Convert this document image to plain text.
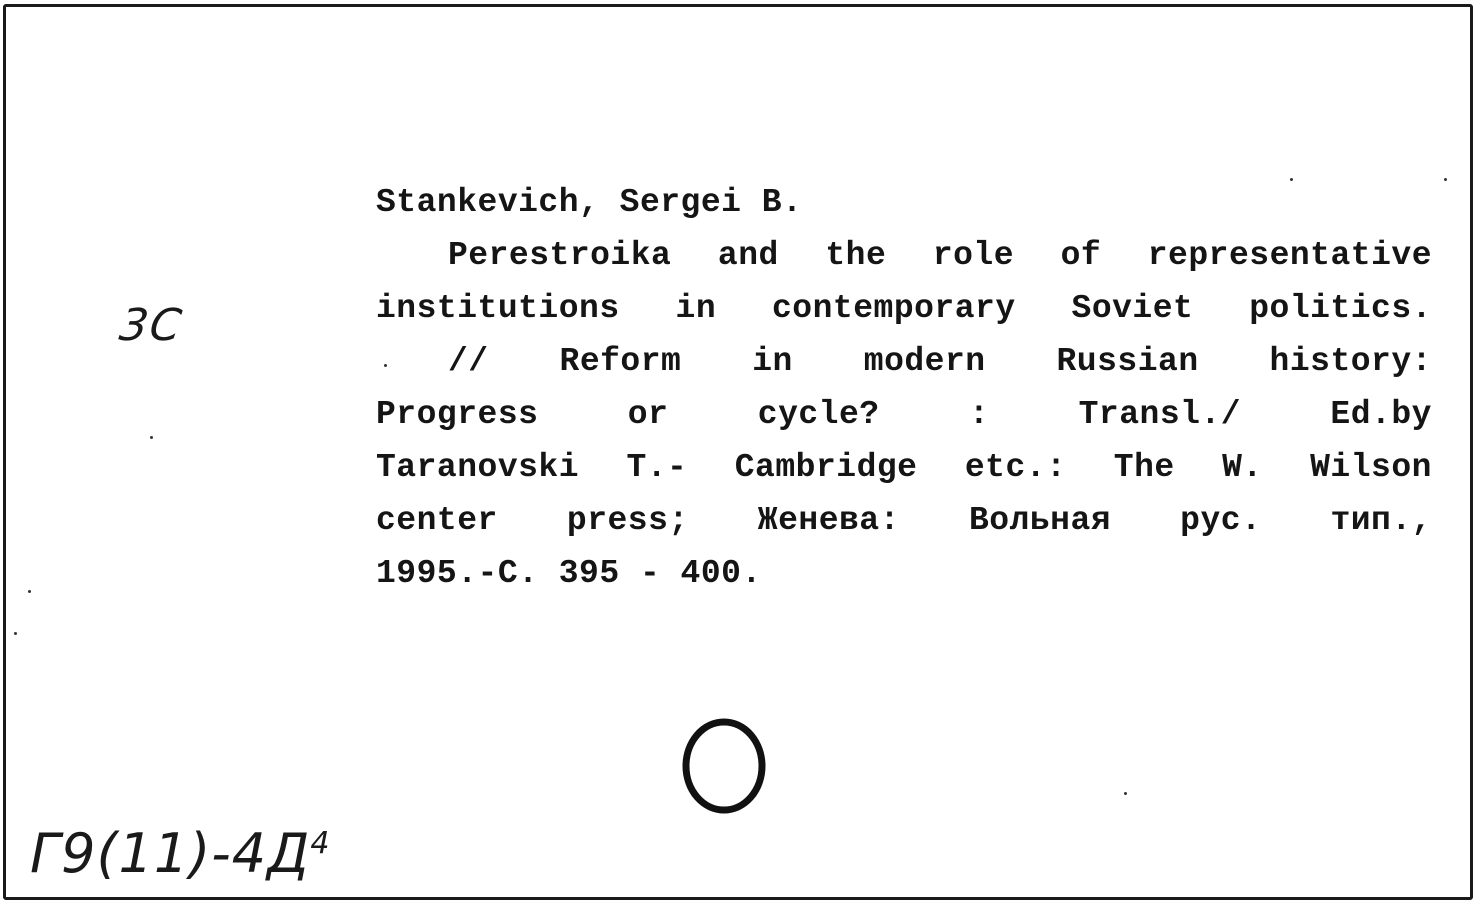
Stankevich, Sergei B.
Perestroika and the role of representative
institutions in contemporary Soviet politics.
// Reform in modern Russian history:
Progress	or	cycle?	:	Transl./	Ed.by
Taranovski T.- Cambridge etc.: The W. Wilson
center press; Женева: Вольная рус. тип.,
1995.-С. 395 - 400.
3C
$Г9(11)-4Д^4$
